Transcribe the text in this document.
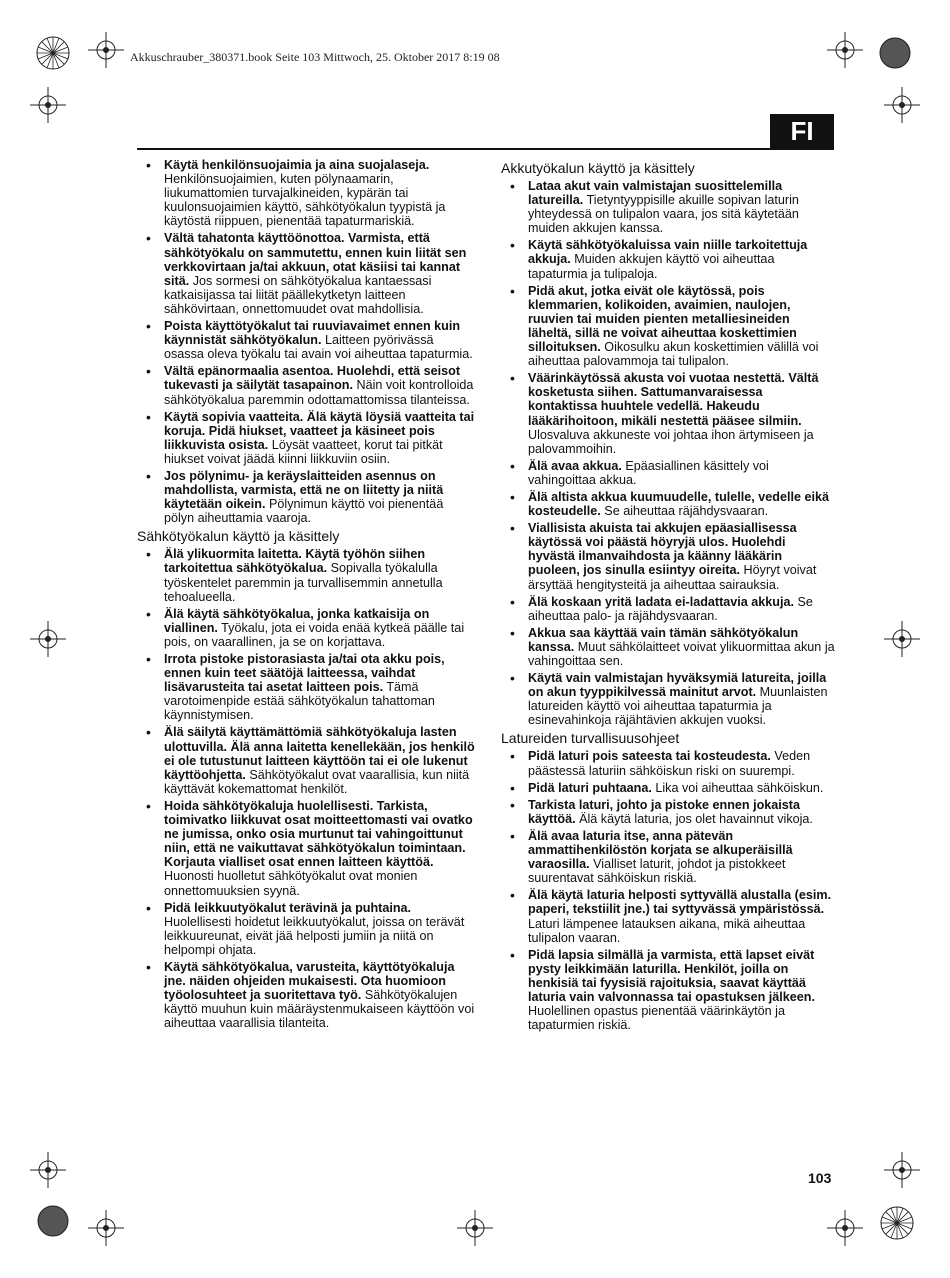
Akkuschrauber_380371.book Seite 103 Mittwoch, 25. Oktober 2017 8:19 08
FI
• Käytä henkilönsuojaimia ja aina suojalaseja. Henkilönsuojaimien, kuten pölynaamarin, liukumattomien turvajalkineiden, kypärän tai kuulonsuojaimien käyttö, sähkötyökalun tyypistä ja käytöstä riippuen, pienentää tapaturmariskiä.
• Vältä tahatonta käyttöönottoa. Varmista, että sähkötyökalu on sammutettu, ennen kuin liität sen verkkovirtaan ja/tai akkuun, otat käsiisi tai kannat sitä. Jos sormesi on sähkötyökalua kantaessasi katkaisijassa tai liität päällekytketyn laitteen sähkövirtaan, onnettomuudet ovat mahdollisia.
• Poista käyttötyökalut tai ruuviavaimet ennen kuin käynnistät sähkötyökalun. Laitteen pyörivässä osassa oleva työkalu tai avain voi aiheuttaa tapaturmia.
• Vältä epänormaalia asentoa. Huolehdi, että seisot tukevasti ja säilytät tasapainon. Näin voit kontrolloida sähkötyökalua paremmin odottamattomissa tilanteissa.
• Käytä sopivia vaatteita. Älä käytä löysiä vaatteita tai koruja. Pidä hiukset, vaatteet ja käsineet pois liikkuvista osista. Löysät vaatteet, korut tai pitkät hiukset voivat jäädä kiinni liikkuviin osiin.
• Jos pölynimu- ja keräyslaitteiden asennus on mahdollista, varmista, että ne on liitetty ja niitä käytetään oikein. Pölynimun käyttö voi pienentää pölyn aiheuttamia vaaroja.
Sähkötyökalun käyttö ja käsittely
• Älä ylikuormita laitetta. Käytä työhön siihen tarkoitettua sähkötyökalua. Sopivalla työkalulla työskentelet paremmin ja turvallisemmin annetulla tehoalueella.
• Älä käytä sähkötyökalua, jonka katkaisija on viallinen. Työkalu, jota ei voida enää kytkeä päälle tai pois, on vaarallinen, ja se on korjattava.
• Irrota pistoke pistorasiasta ja/tai ota akku pois, ennen kuin teet säätöjä laitteessa, vaihdat lisävarusteita tai asetat laitteen pois. Tämä varotoimenpide estää sähkötyökalun tahattoman käynnistymisen.
• Älä säilytä käyttämättömiä sähkötyökaluja lasten ulottuvilla. Älä anna laitetta kenellekään, jos henkilö ei ole tutustunut laitteen käyttöön tai ei ole lukenut käyttöohjetta. Sähkötyökalut ovat vaarallisia, kun niitä käyttävät kokemattomat henkilöt.
• Hoida sähkötyökaluja huolellisesti. Tarkista, toimivatko liikkuvat osat moitteettomasti vai ovatko ne jumissa, onko osia murtunut tai vahingoittunut niin, että ne vaikuttavat sähkötyökalun toimintaan. Korjauta vialliset osat ennen laitteen käyttöä. Huonosti huolletut sähkötyökalut ovat monien onnettomuuksien syynä.
• Pidä leikkuutyökalut terävinä ja puhtaina. Huolellisesti hoidetut leikkuutyökalut, joissa on terävät leikkuureunat, eivät jää helposti jumiin ja niitä on helpompi ohjata.
• Käytä sähkötyökalua, varusteita, käyttötyökaluja jne. näiden ohjeiden mukaisesti. Ota huomioon työolosuhteet ja suoritettava työ. Sähkötyökalujen käyttö muuhun kuin määräystenmukaiseen käyttöön voi aiheuttaa vaarallisia tilanteita.
Akkutyökalun käyttö ja käsittely
• Lataa akut vain valmistajan suosittelemilla latureilla. Tietyntyyppisille akuille sopivan laturin yhteydessä on tulipalon vaara, jos sitä käytetään muiden akkujen kanssa.
• Käytä sähkötyökaluissa vain niille tarkoitettuja akkuja. Muiden akkujen käyttö voi aiheuttaa tapaturmia ja tulipaloja.
• Pidä akut, jotka eivät ole käytössä, pois klemmarien, kolikoiden, avaimien, naulojen, ruuvien tai muiden pienten metalliesineiden läheltä, sillä ne voivat aiheuttaa koskettimien silloituksen. Oikosulku akun koskettimien välillä voi aiheuttaa palovammoja tai tulipalon.
• Väärinkäytössä akusta voi vuotaa nestettä. Vältä kosketusta siihen. Sattumanvaraisessa kontaktissa huuhtele vedellä. Hakeudu lääkärihoitoon, mikäli nestettä pääsee silmiin. Ulosvaluva akkuneste voi johtaa ihon ärtymiseen ja palovammoihin.
• Älä avaa akkua. Epäasiallinen käsittely voi vahingoittaa akkua.
• Älä altista akkua kuumuudelle, tulelle, vedelle eikä kosteudelle. Se aiheuttaa räjähdysvaaran.
• Viallisista akuista tai akkujen epäasiallisessa käytössä voi päästä höyryjä ulos. Huolehdi hyvästä ilmanvaihdosta ja käänny lääkärin puoleen, jos sinulla esiintyy oireita. Höyryt voivat ärsyttää hengitysteitä ja aiheuttaa sairauksia.
• Älä koskaan yritä ladata ei-ladattavia akkuja. Se aiheuttaa palo- ja räjähdysvaaran.
• Akkua saa käyttää vain tämän sähkötyökalun kanssa. Muut sähkölaitteet voivat ylikuormittaa akun ja vahingoittaa sen.
• Käytä vain valmistajan hyväksymiä latureita, joilla on akun tyyppikilvessä mainitut arvot. Muunlaisten latureiden käyttö voi aiheuttaa tapaturmia ja esinevahinkoja räjähtävien akkujen vuoksi.
Latureiden turvallisuusohjeet
• Pidä laturi pois sateesta tai kosteudesta. Veden päästessä laturiin sähköiskun riski on suurempi.
• Pidä laturi puhtaana. Lika voi aiheuttaa sähköiskun.
• Tarkista laturi, johto ja pistoke ennen jokaista käyttöä. Älä käytä laturia, jos olet havainnut vikoja.
• Älä avaa laturia itse, anna pätevän ammattihenkilöstön korjata se alkuperäisillä varaosilla. Vialliset laturit, johdot ja pistokkeet suurentavat sähköiskun riskiä.
• Älä käytä laturia helposti syttyvällä alustalla (esim. paperi, tekstiilit jne.) tai syttyvässä ympäristössä. Laturi lämpenee latauksen aikana, mikä aiheuttaa tulipalon vaaran.
• Pidä lapsia silmällä ja varmista, että lapset eivät pysty leikkimään laturilla. Henkilöt, joilla on henkisiä tai fyysisiä rajoituksia, saavat käyttää laturia vain valvonnassa tai opastuksen jälkeen. Huolellinen opastus pienentää väärinkäytön ja tapaturmien riskiä.
103
